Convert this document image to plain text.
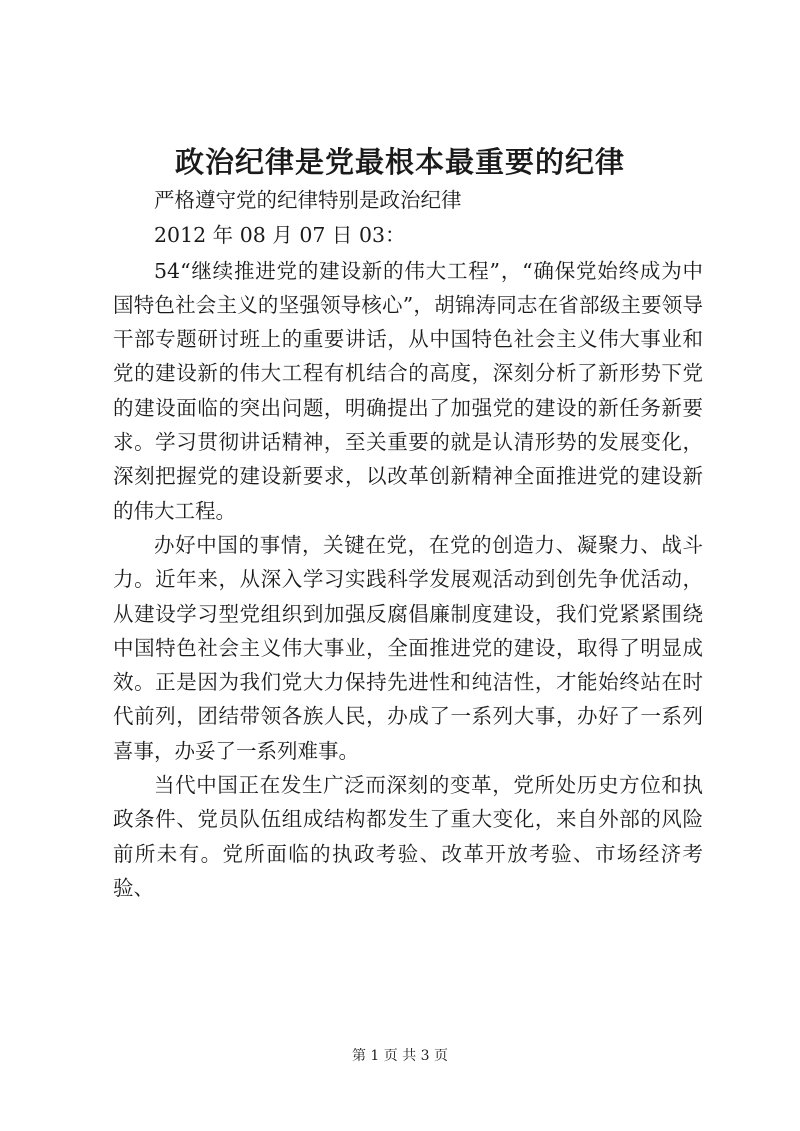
政治纪律是党最根本最重要的纪律

严格遵守党的纪律特别是政治纪律

2012 年 08 月 07 日 03：

54“继续推进党的建设新的伟大工程”，“确保党始终成为中国特色社会主义的坚强领导核心”，胡锦涛同志在省部级主要领导干部专题研讨班上的重要讲话，从中国特色社会主义伟大事业和党的建设新的伟大工程有机结合的高度，深刻分析了新形势下党的建设面临的突出问题，明确提出了加强党的建设的新任务新要求。学习贯彻讲话精神，至关重要的就是认清形势的发展变化，深刻把握党的建设新要求，以改革创新精神全面推进党的建设新的伟大工程。

办好中国的事情，关键在党，在党的创造力、凝聚力、战斗力。近年来，从深入学习实践科学发展观活动到创先争优活动，从建设学习型党组织到加强反腐倡廉制度建设，我们党紧紧围绕中国特色社会主义伟大事业，全面推进党的建设，取得了明显成效。正是因为我们党大力保持先进性和纯洁性，才能始终站在时代前列，团结带领各族人民，办成了一系列大事，办好了一系列喜事，办妥了一系列难事。

当代中国正在发生广泛而深刻的变革，党所处历史方位和执政条件、党员队伍组成结构都发生了重大变化，来自外部的风险前所未有。党所面临的执政考验、改革开放考验、市场经济考验、

第 1 页 共 3 页
